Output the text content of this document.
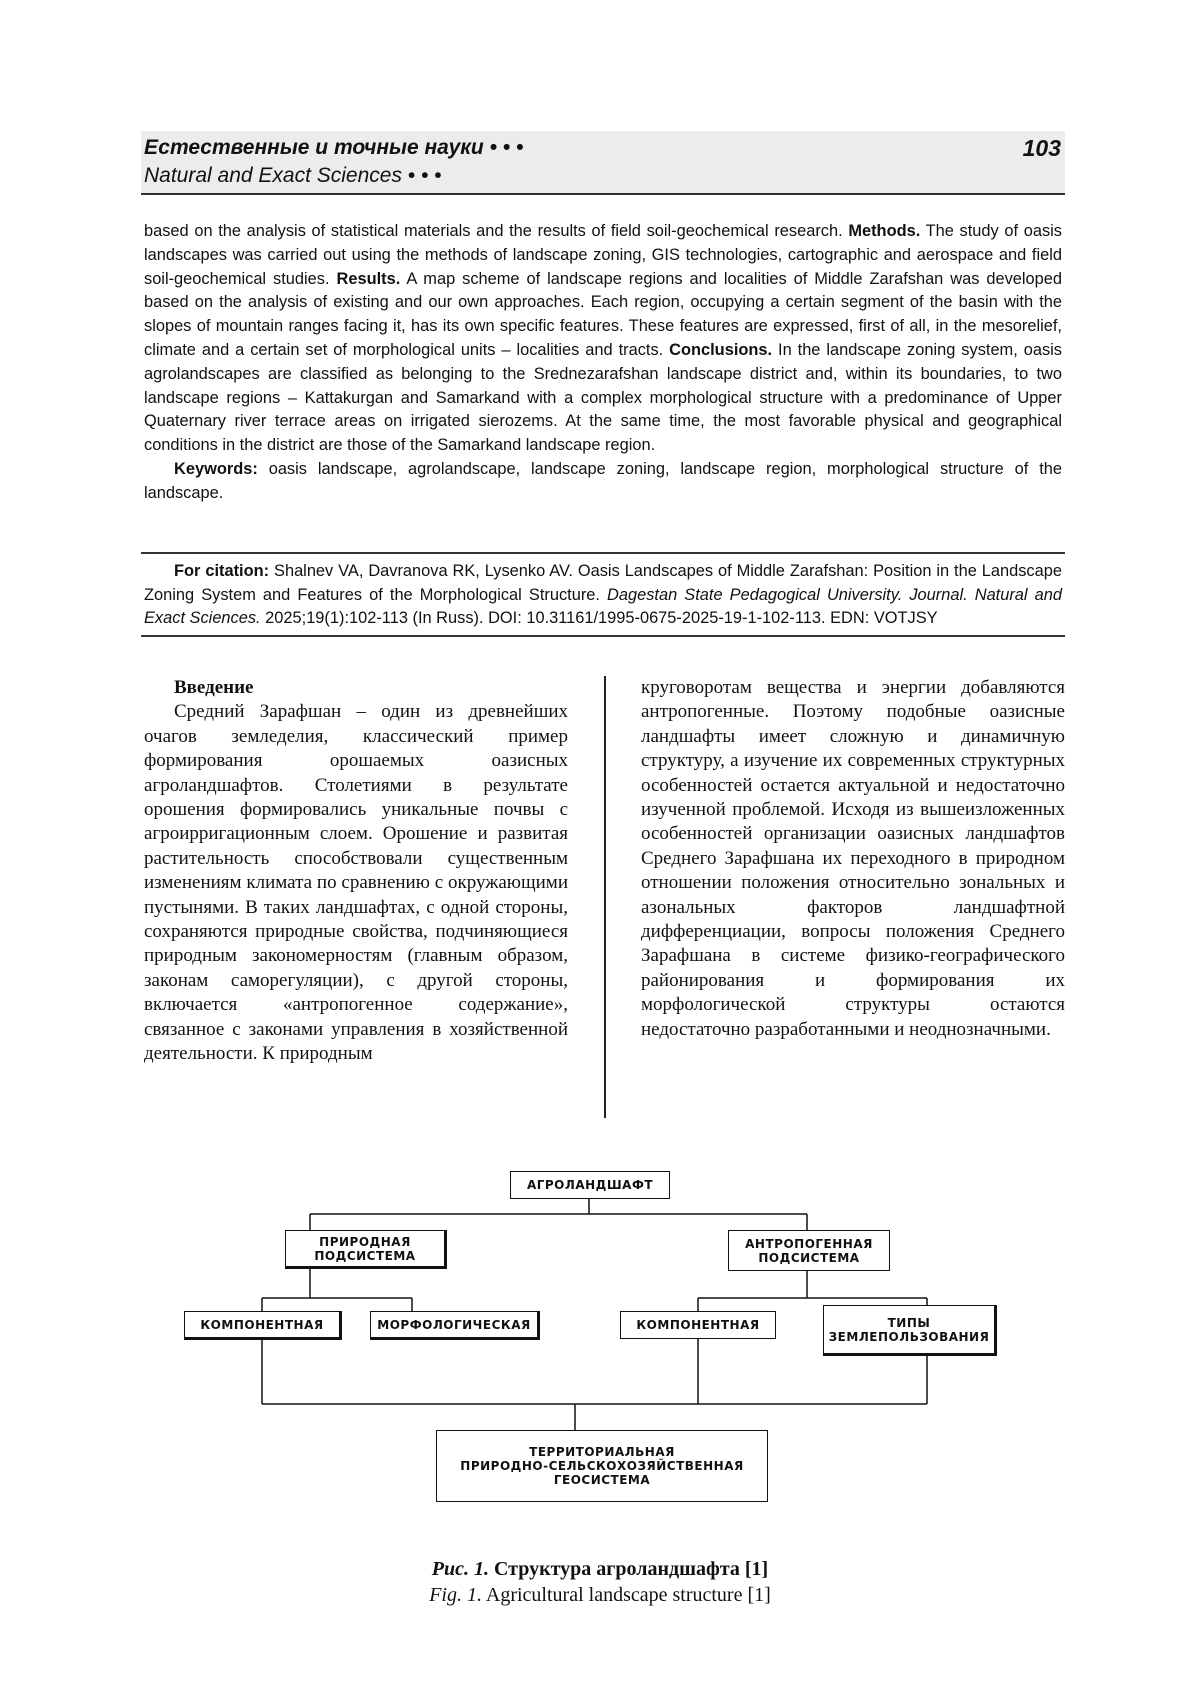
Естественные и точные науки • • •
Natural and Exact Sciences • • •
103

based on the analysis of statistical materials and the results of field soil-geochemical research. Methods. The study of oasis landscapes was carried out using the methods of landscape zoning, GIS technologies, cartographic and aerospace and field soil-geochemical studies. Results. A map scheme of landscape regions and localities of Middle Zarafshan was developed based on the analysis of existing and our own approaches. Each region, occupying a certain segment of the basin with the slopes of mountain ranges facing it, has its own specific features. These features are expressed, first of all, in the mesorelief, climate and a certain set of morphological units – localities and tracts. Conclusions. In the landscape zoning system, oasis agrolandscapes are classified as belonging to the Srednezarafshan landscape district and, within its boundaries, to two landscape regions – Kattakurgan and Samarkand with a complex morphological structure with a predominance of Upper Quaternary river terrace areas on irrigated sierozems. At the same time, the most favorable physical and geographical conditions in the district are those of the Samarkand landscape region.

Keywords: oasis landscape, agrolandscape, landscape zoning, landscape region, morphological structure of the landscape.

For citation: Shalnev VA, Davranova RK, Lysenko AV. Oasis Landscapes of Middle Zarafshan: Position in the Landscape Zoning System and Features of the Morphological Structure. Dagestan State Pedagogical University. Journal. Natural and Exact Sciences. 2025;19(1):102-113 (In Russ). DOI: 10.31161/1995-0675-2025-19-1-102-113. EDN: VOTJSY

Введение

Средний Зарафшан – один из древнейших очагов земледелия, классический пример формирования орошаемых оазисных агроландшафтов. Столетиями в результате орошения формировались уникальные почвы с агроирригационным слоем. Орошение и развитая растительность способствовали существенным изменениям климата по сравнению с окружающими пустынями. В таких ландшафтах, с одной стороны, сохраняются природные свойства, подчиняющиеся природным закономерностям (главным образом, законам саморегуляции), с другой стороны, включается «антропогенное содержание», связанное с законами управления в хозяйственной деятельности. К природным

круговоротам вещества и энергии добавляются антропогенные. Поэтому подобные оазисные ландшафты имеет сложную и динамичную структуру, а изучение их современных структурных особенностей остается актуальной и недостаточно изученной проблемой. Исходя из вышеизложенных особенностей организации оазисных ландшафтов Среднего Зарафшана их переходного в природном отношении положения относительно зональных и азональных факторов ландшафтной дифференциации, вопросы положения Среднего Зарафшана в системе физико-географического районирования и формирования их морфологической структуры остаются недостаточно разработанными и неоднозначными.

АГРОЛАНДШАФТ
ПРИРОДНАЯ
ПОДСИСТЕМА
АНТРОПОГЕННАЯ
ПОДСИСТЕМА
КОМПОНЕНТНАЯ	МОРФОЛОГИЧЕСКАЯ	КОМПОНЕНТНАЯ	ТИПЫ
ЗЕМЛЕПОЛЬЗОВАНИЯ
ТЕРРИТОРИАЛЬНАЯ
ПРИРОДНО-СЕЛЬСКОХОЗЯЙСТВЕННАЯ
ГЕОСИСТЕМА

Рис. 1. Структура агроландшафта [1]

Fig. 1. Agricultural landscape structure [1]
